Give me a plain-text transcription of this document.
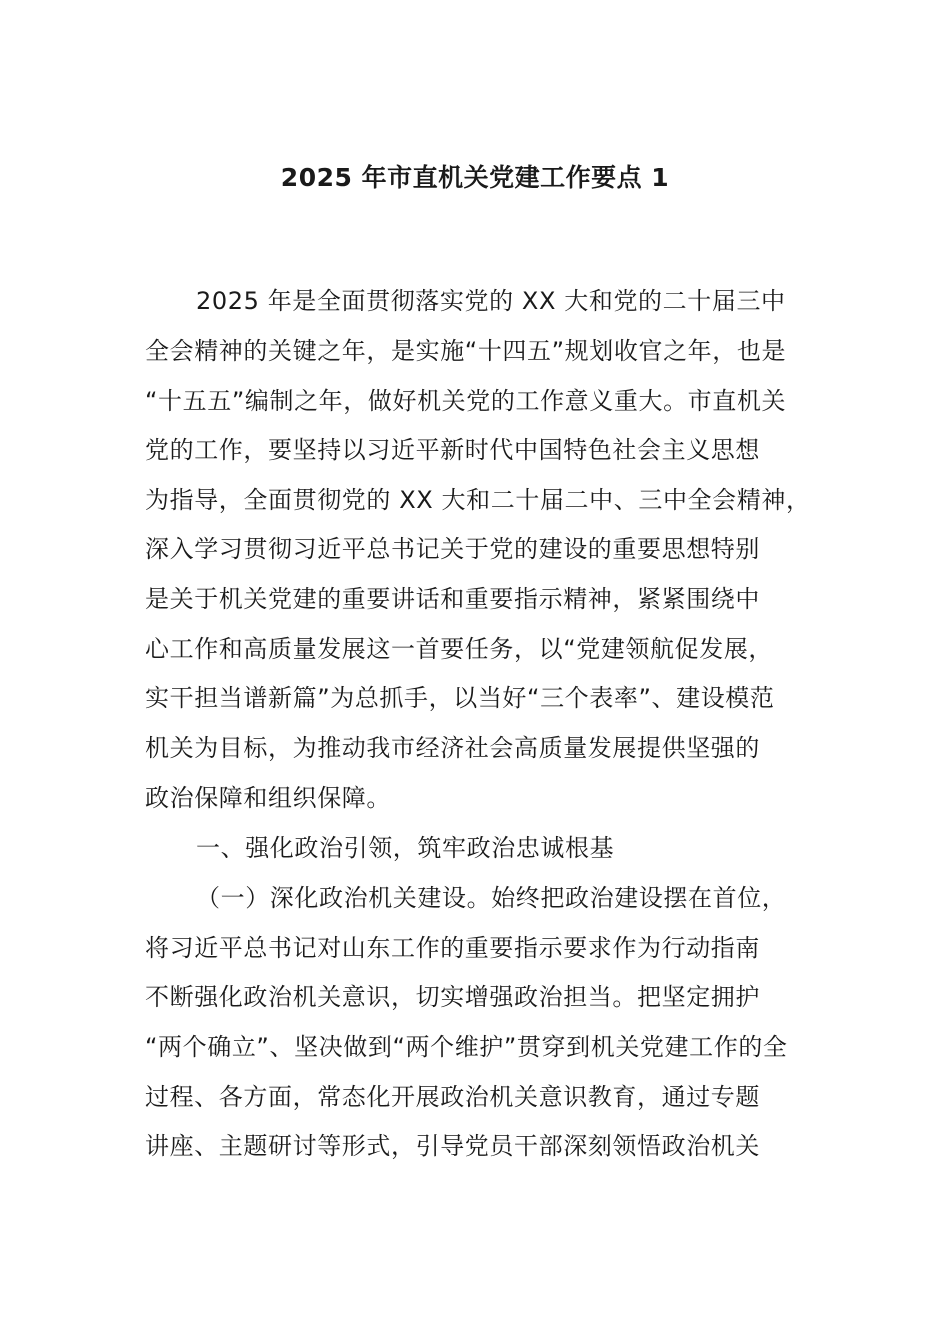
2025 年市直机关党建工作要点 1
2025 年是全面贯彻落实党的 XX 大和党的二十届三中
全会精神的关键之年，是实施“十四五”规划收官之年，也是
“十五五”编制之年，做好机关党的工作意义重大。市直机关
党的工作，要坚持以习近平新时代中国特色社会主义思想
为指导，全面贯彻党的 XX 大和二十届二中、三中全会精神，
深入学习贯彻习近平总书记关于党的建设的重要思想特别
是关于机关党建的重要讲话和重要指示精神，紧紧围绕中
心工作和高质量发展这一首要任务，以“党建领航促发展，
实干担当谱新篇”为总抓手，以当好“三个表率”、建设模范
机关为目标，为推动我市经济社会高质量发展提供坚强的
政治保障和组织保障。
一、强化政治引领，筑牢政治忠诚根基
（一）深化政治机关建设。始终把政治建设摆在首位，
将习近平总书记对山东工作的重要指示要求作为行动指南
不断强化政治机关意识，切实增强政治担当。把坚定拥护
“两个确立”、坚决做到“两个维护”贯穿到机关党建工作的全
过程、各方面，常态化开展政治机关意识教育，通过专题
讲座、主题研讨等形式，引导党员干部深刻领悟政治机关
